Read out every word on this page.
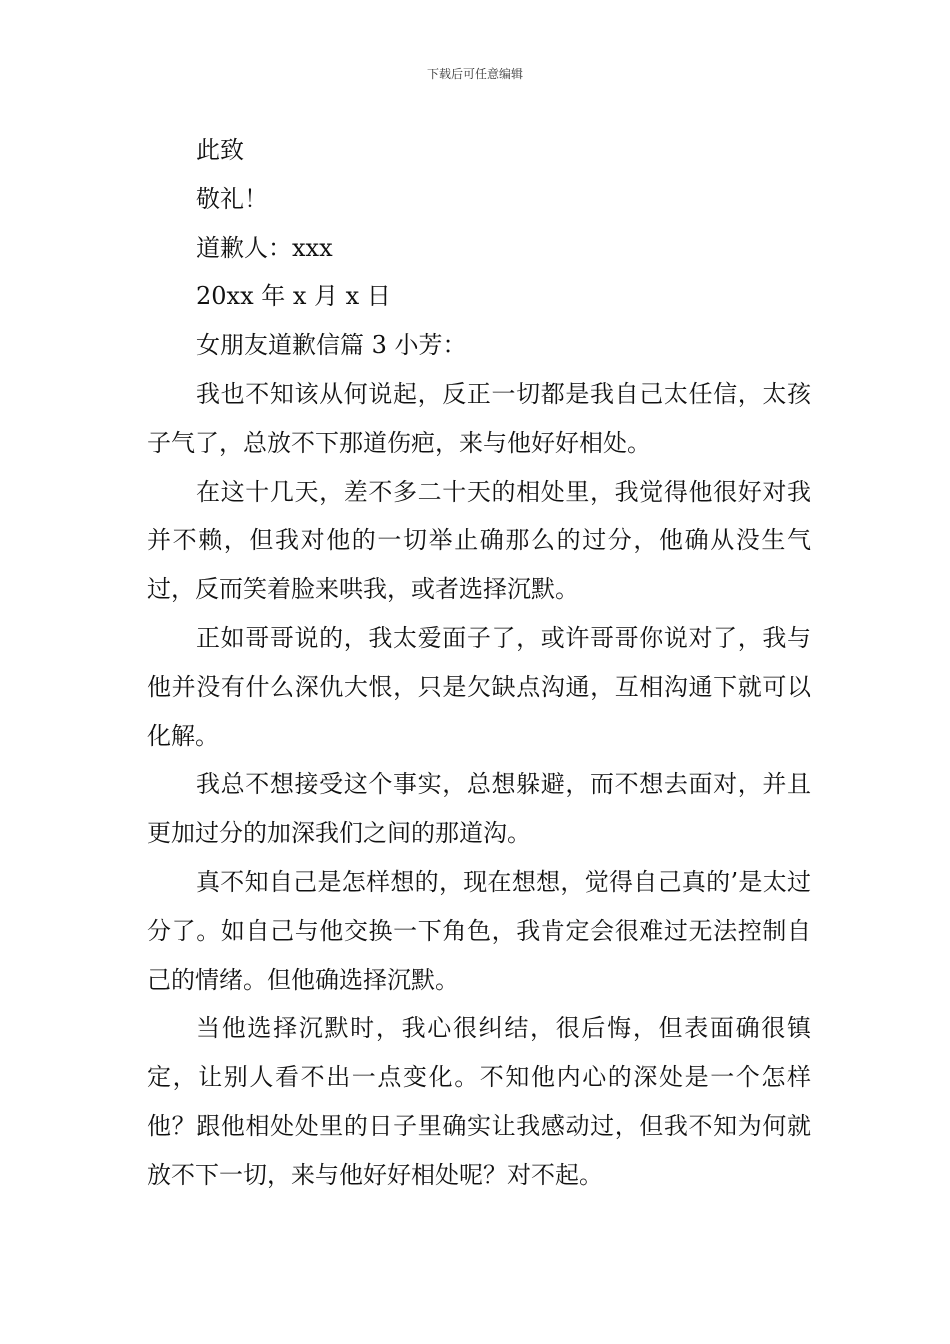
下载后可任意编辑

此致

敬礼！

道歉人：xxx

20xx 年 x 月 x 日

女朋友道歉信篇 3 小芳：

我也不知该从何说起，反正一切都是我自己太任信，太孩子气了，总放不下那道伤疤，来与他好好相处。

在这十几天，差不多二十天的相处里，我觉得他很好对我并不赖，但我对他的一切举止确那么的过分，他确从没生气过，反而笑着脸来哄我，或者选择沉默。

正如哥哥说的，我太爱面子了，或许哥哥你说对了，我与他并没有什么深仇大恨，只是欠缺点沟通，互相沟通下就可以化解。

我总不想接受这个事实，总想躲避，而不想去面对，并且更加过分的加深我们之间的那道沟。

真不知自己是怎样想的，现在想想，觉得自己真的’是太过分了。如自己与他交换一下角色，我肯定会很难过无法控制自己的情绪。但他确选择沉默。

当他选择沉默时，我心很纠结，很后悔，但表面确很镇定，让别人看不出一点变化。不知他内心的深处是一个怎样他？跟他相处处里的日子里确实让我感动过，但我不知为何就放不下一切，来与他好好相处呢？对不起。
